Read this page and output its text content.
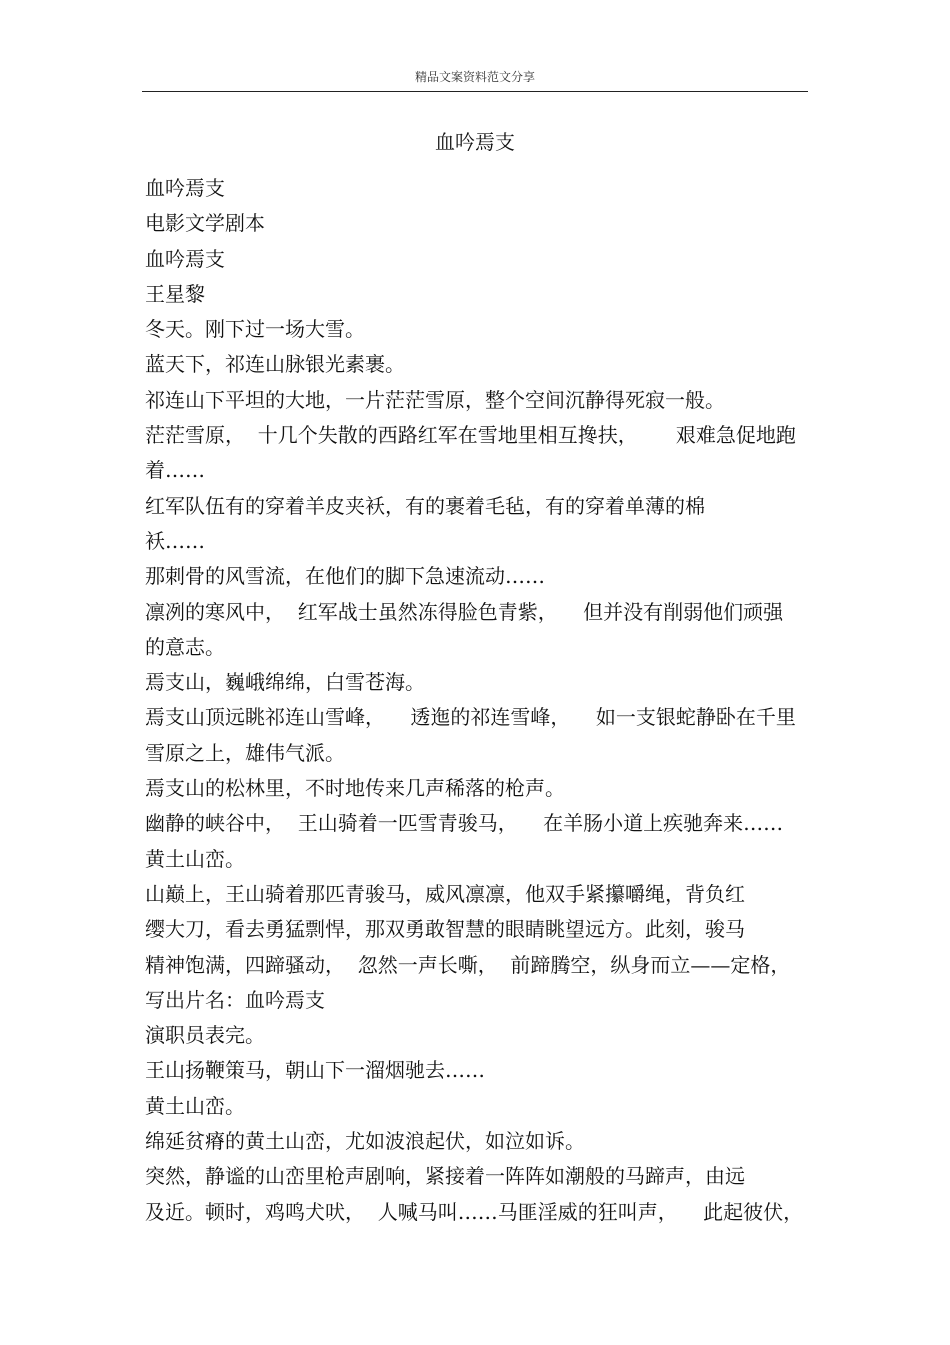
精品文案资料范文分享
血吟焉支
血吟焉支
电影文学剧本
血吟焉支
王星黎
冬天。刚下过一场大雪。
蓝天下，祁连山脉银光素裹。
祁连山下平坦的大地，一片茫茫雪原，整个空间沉静得死寂一般。
茫茫雪原，  十几个失散的西路红军在雪地里相互搀扶，      艰难急促地跑
着……
红军队伍有的穿着羊皮夹袄，有的裹着毛毡，有的穿着单薄的棉
袄……
那刺骨的风雪流，在他们的脚下急速流动……
凛冽的寒风中，  红军战士虽然冻得脸色青紫，    但并没有削弱他们顽强
的意志。
焉支山，巍峨绵绵，白雪苍海。
焉支山顶远眺祁连山雪峰，    透迤的祁连雪峰，    如一支银蛇静卧在千里
雪原之上，雄伟气派。
焉支山的松林里，不时地传来几声稀落的枪声。
幽静的峡谷中，  王山骑着一匹雪青骏马，    在羊肠小道上疾驰奔来……
黄土山峦。
山巅上，王山骑着那匹青骏马，威风凛凛，他双手紧攥嚼绳，背负红
缨大刀，看去勇猛剽悍，那双勇敢智慧的眼睛眺望远方。此刻，骏马
精神饱满，四蹄骚动，  忽然一声长嘶，  前蹄腾空，纵身而立——定格，
写出片名：血吟焉支
演职员表完。
王山扬鞭策马，朝山下一溜烟驰去……
黄土山峦。
绵延贫瘠的黄土山峦，尤如波浪起伏，如泣如诉。
突然，静谧的山峦里枪声剧响，紧接着一阵阵如潮般的马蹄声，由远
及近。顿时，鸡鸣犬吠，  人喊马叫……马匪淫威的狂叫声，    此起彼伏，
